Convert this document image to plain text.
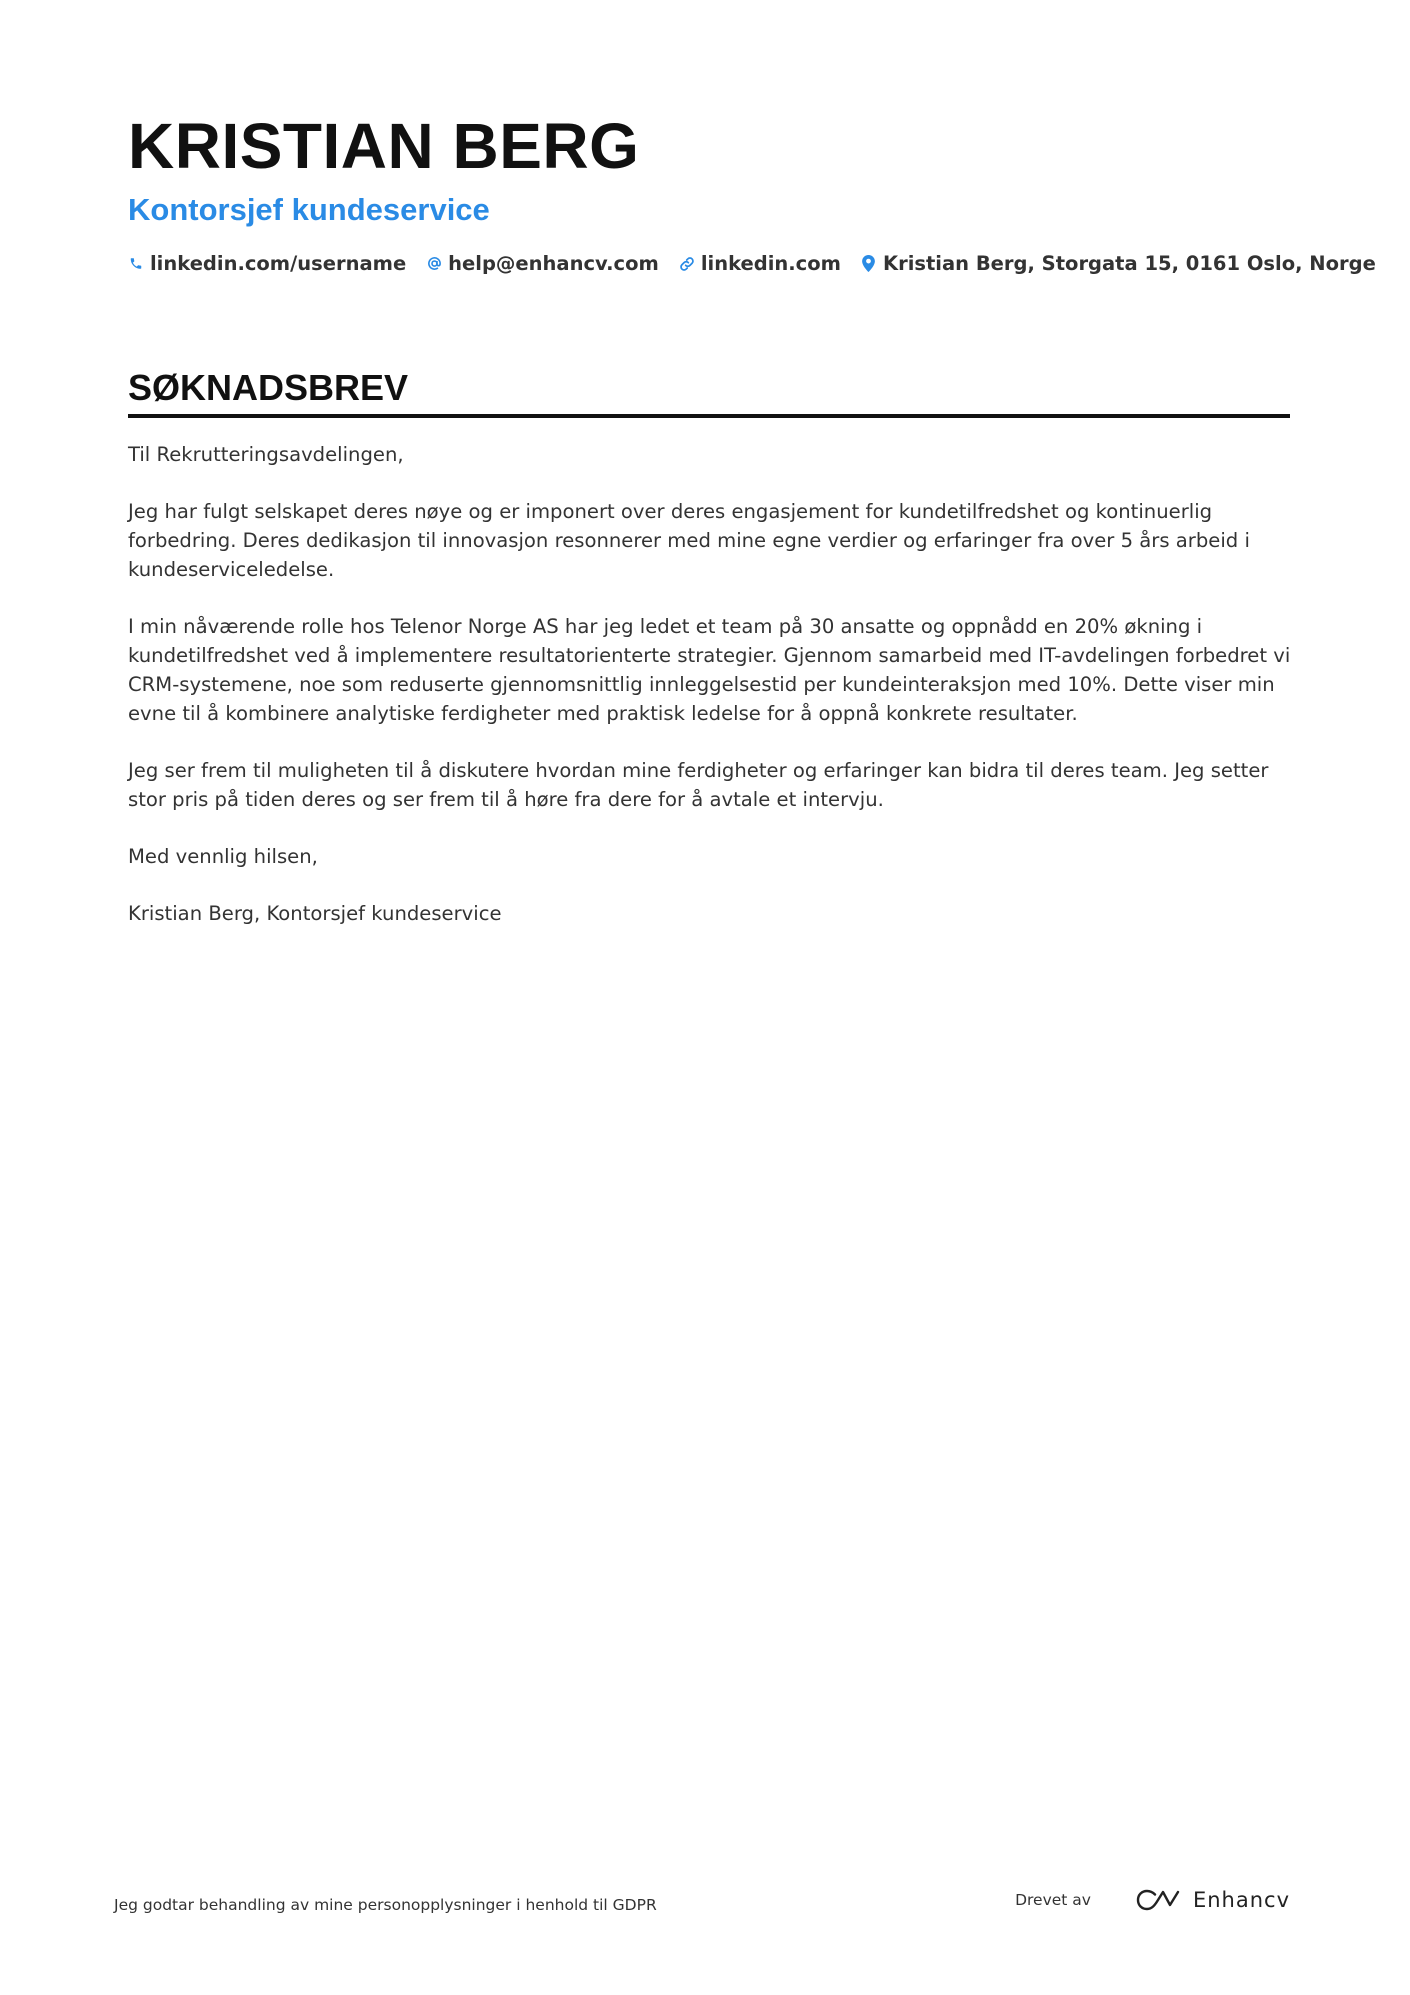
KRISTIAN BERG
Kontorsjef kundeservice
linkedin.com/username help@enhancv.com linkedin.com Kristian Berg, Storgata 15, 0161 Oslo, Norge
SØKNADSBREV

Til Rekrutteringsavdelingen,

Jeg har fulgt selskapet deres nøye og er imponert over deres engasjement for kundetilfredshet og kontinuerlig forbedring. Deres dedikasjon til innovasjon resonnerer med mine egne verdier og erfaringer fra over 5 års arbeid i kundeserviceledelse.

I min nåværende rolle hos Telenor Norge AS har jeg ledet et team på 30 ansatte og oppnådd en 20% økning i kundetilfredshet ved å implementere resultatorienterte strategier. Gjennom samarbeid med IT-avdelingen forbedret vi CRM-systemene, noe som reduserte gjennomsnittlig innleggelsestid per kundeinteraksjon med 10%. Dette viser min evne til å kombinere analytiske ferdigheter med praktisk ledelse for å oppnå konkrete resultater.

Jeg ser frem til muligheten til å diskutere hvordan mine ferdigheter og erfaringer kan bidra til deres team. Jeg setter stor pris på tiden deres og ser frem til å høre fra dere for å avtale et intervju.

Med vennlig hilsen,

Kristian Berg, Kontorsjef kundeservice

Jeg godtar behandling av mine personopplysninger i henhold til GDPR	Drevet av	Enhancv
